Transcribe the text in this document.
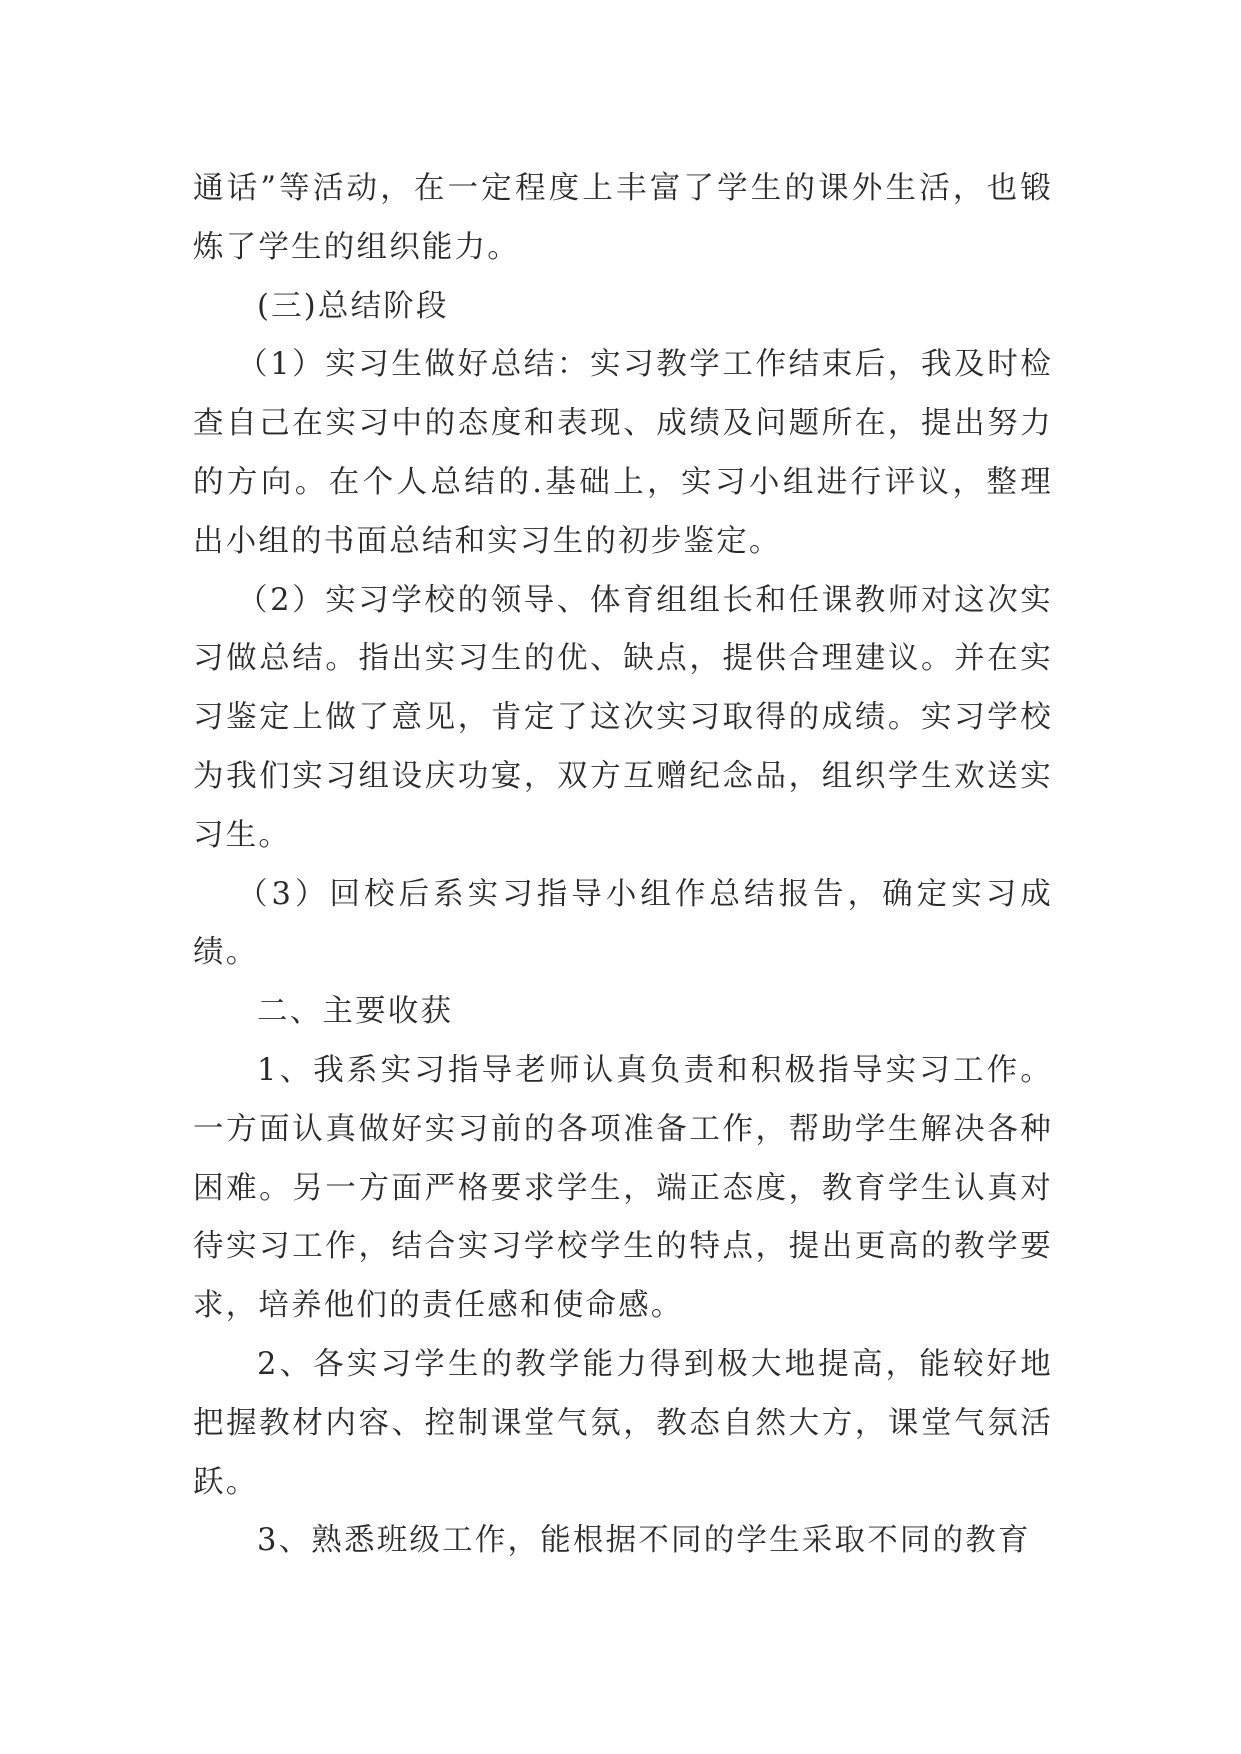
通话”等活动，在一定程度上丰富了学生的课外生活，也锻炼了学生的组织能力。

(三)总结阶段

（1）实习生做好总结：实习教学工作结束后，我及时检查自己在实习中的态度和表现、成绩及问题所在，提出努力的方向。在个人总结的.基础上，实习小组进行评议，整理出小组的书面总结和实习生的初步鉴定。

（2）实习学校的领导、体育组组长和任课教师对这次实习做总结。指出实习生的优、缺点，提供合理建议。并在实习鉴定上做了意见，肯定了这次实习取得的成绩。实习学校为我们实习组设庆功宴，双方互赠纪念品，组织学生欢送实习生。

（3）回校后系实习指导小组作总结报告，确定实习成绩。

二、主要收获

1、我系实习指导老师认真负责和积极指导实习工作。一方面认真做好实习前的各项准备工作，帮助学生解决各种困难。另一方面严格要求学生，端正态度，教育学生认真对待实习工作，结合实习学校学生的特点，提出更高的教学要求，培养他们的责任感和使命感。

2、各实习学生的教学能力得到极大地提高，能较好地把握教材内容、控制课堂气氛，教态自然大方，课堂气氛活跃。

3、熟悉班级工作，能根据不同的学生采取不同的教育
